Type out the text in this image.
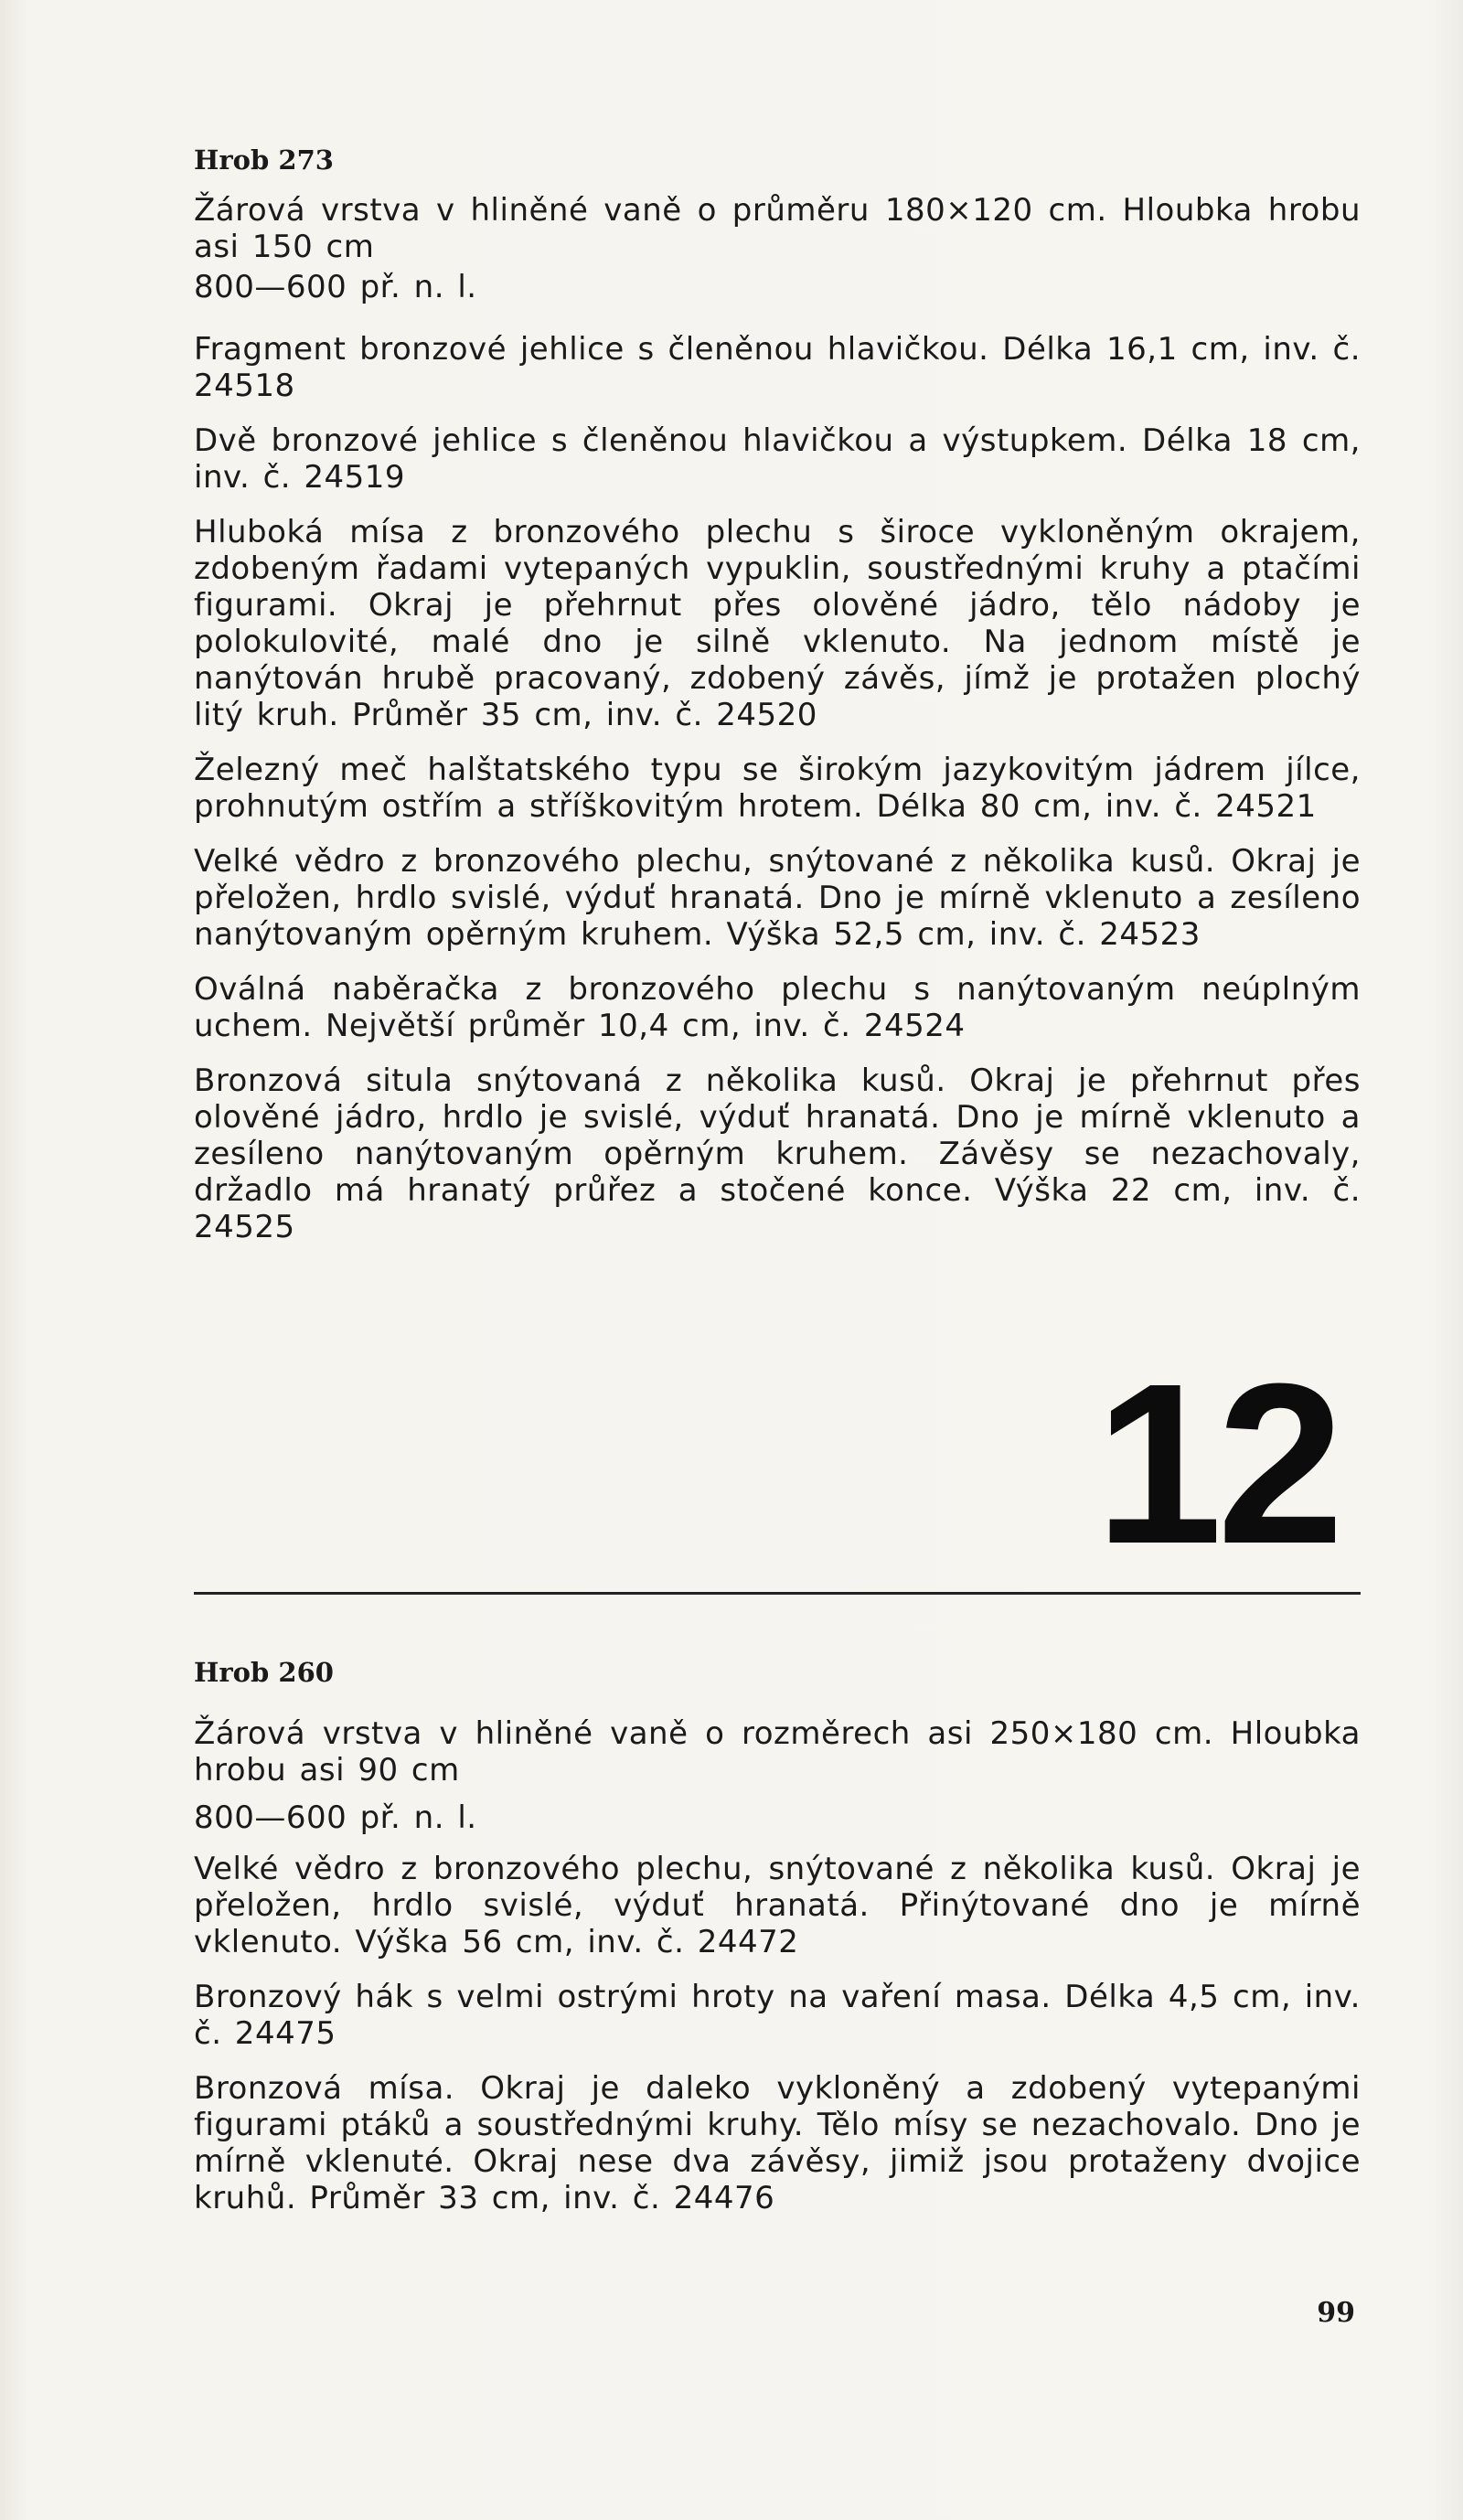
Hrob 273

Žárová vrstva v hliněné vaně o průměru 180×120 cm. Hloubka hrobu asi 150 cm

800—600 př. n. l.

Fragment bronzové jehlice s členěnou hlavičkou. Délka 16,1 cm, inv. č. 24518

Dvě bronzové jehlice s členěnou hlavičkou a výstupkem. Délka 18 cm, inv. č. 24519

Hluboká mísa z bronzového plechu s široce vykloněným okrajem, zdobeným řadami vytepaných vypuklin, soustřednými kruhy a ptačími figurami. Okraj je přehrnut přes olověné jádro, tělo nádoby je polokulovité, malé dno je silně vklenuto. Na jednom místě je nanýtován hrubě pracovaný, zdobený závěs, jímž je protažen plochý litý kruh. Průměr 35 cm, inv. č. 24520

Železný meč halštatského typu se širokým jazykovitým jádrem jílce, prohnutým ostřím a stříškovitým hrotem. Délka 80 cm, inv. č. 24521

Velké vědro z bronzového plechu, snýtované z několika kusů. Okraj je přeložen, hrdlo svislé, výduť hranatá. Dno je mírně vklenuto a zesíleno nanýtovaným opěrným kruhem. Výška 52,5 cm, inv. č. 24523

Oválná naběračka z bronzového plechu s nanýtovaným neúplným uchem. Největší průměr 10,4 cm, inv. č. 24524

Bronzová situla snýtovaná z několika kusů. Okraj je přehrnut přes olověné jádro, hrdlo je svislé, výduť hranatá. Dno je mírně vklenuto a zesíleno nanýtovaným opěrným kruhem. Závěsy se nezachovaly, držadlo má hranatý průřez a stočené konce. Výška 22 cm, inv. č. 24525

12
Hrob 260

Žárová vrstva v hliněné vaně o rozměrech asi 250×180 cm. Hloubka hrobu asi 90 cm

800—600 př. n. l.

Velké vědro z bronzového plechu, snýtované z několika kusů. Okraj je přeložen, hrdlo svislé, výduť hranatá. Přinýtované dno je mírně vklenuto. Výška 56 cm, inv. č. 24472

Bronzový hák s velmi ostrými hroty na vaření masa. Délka 4,5 cm, inv. č. 24475

Bronzová mísa. Okraj je daleko vykloněný a zdobený vytepanými figurami ptáků a soustřednými kruhy. Tělo mísy se nezachovalo. Dno je mírně vklenuté. Okraj nese dva závěsy, jimiž jsou protaženy dvojice kruhů. Průměr 33 cm, inv. č. 24476

99
